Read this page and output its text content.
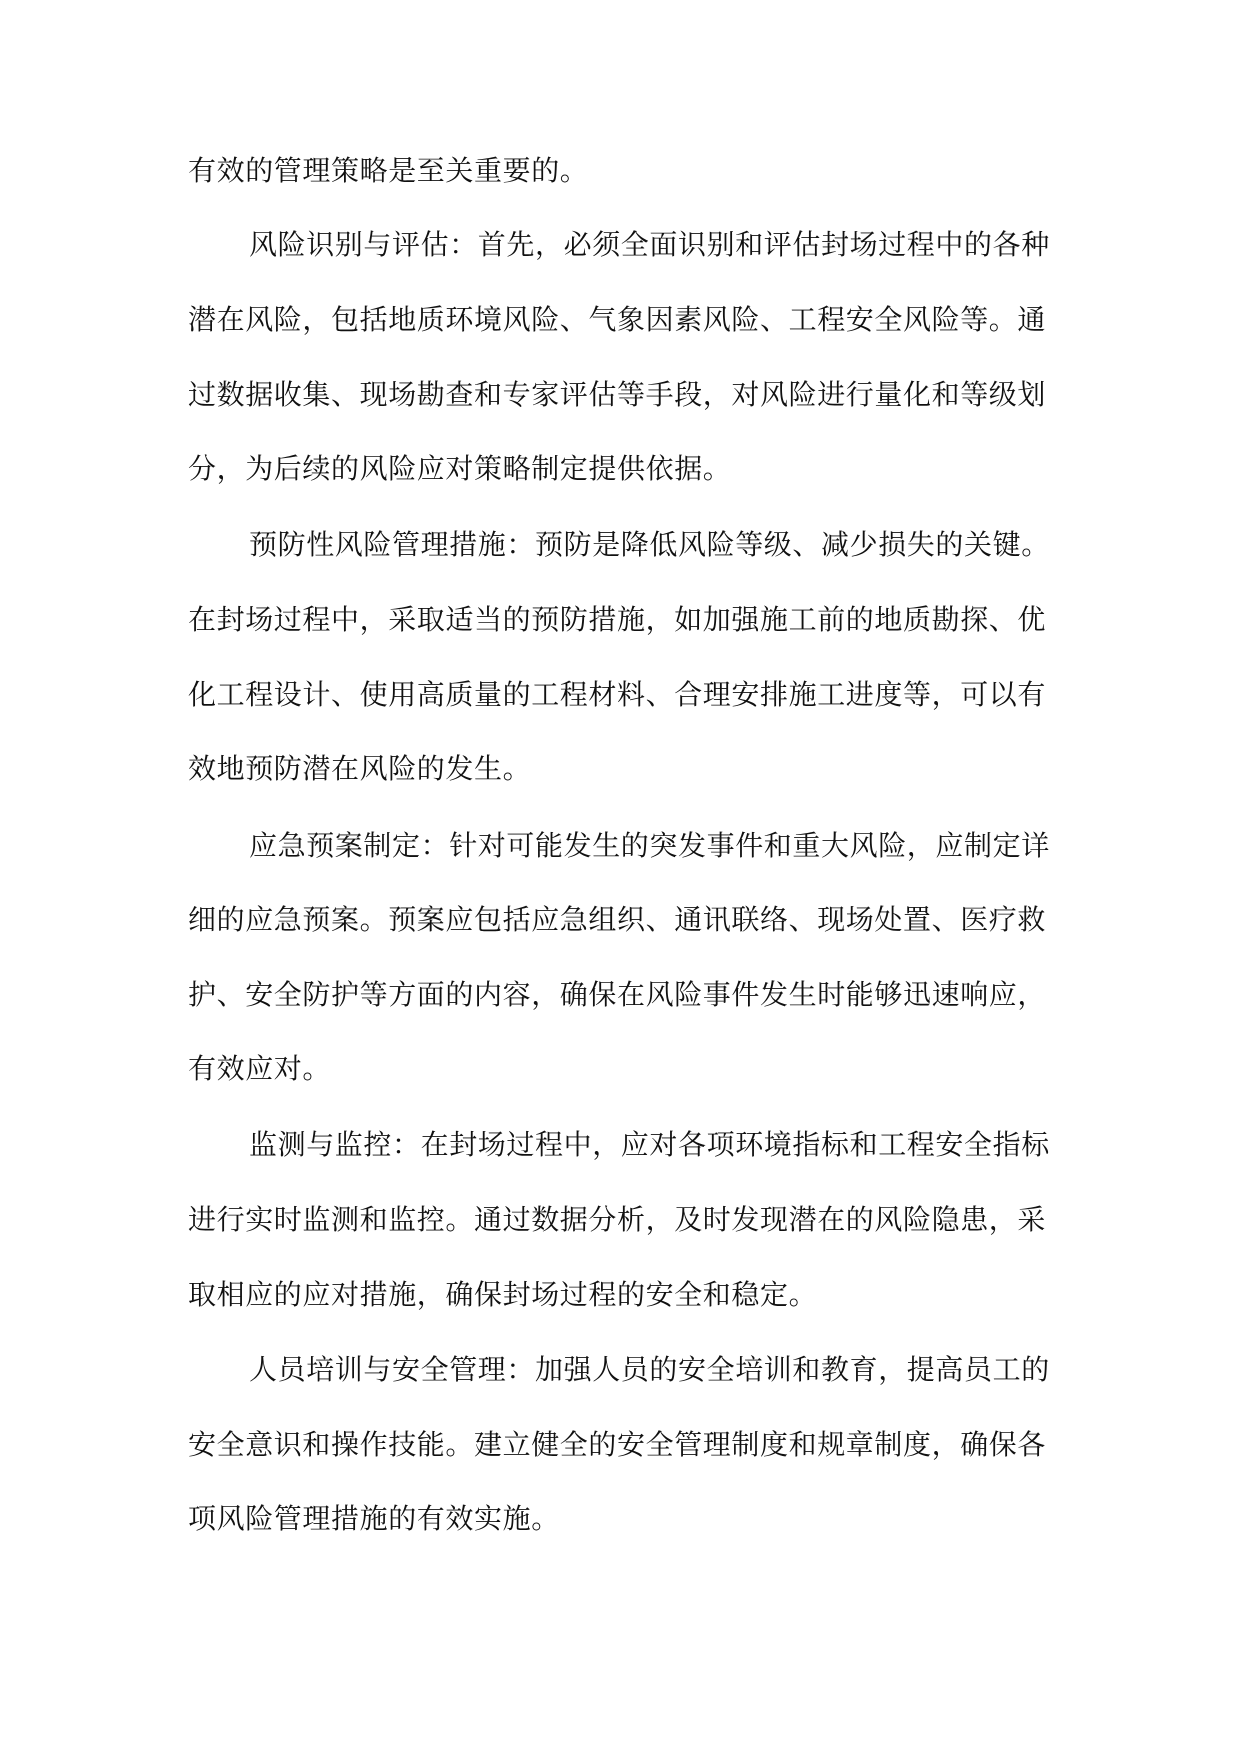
有效的管理策略是至关重要的。
风险识别与评估：首先，必须全面识别和评估封场过程中的各种
潜在风险，包括地质环境风险、气象因素风险、工程安全风险等。通
过数据收集、现场勘查和专家评估等手段，对风险进行量化和等级划
分，为后续的风险应对策略制定提供依据。
预防性风险管理措施：预防是降低风险等级、减少损失的关键。
在封场过程中，采取适当的预防措施，如加强施工前的地质勘探、优
化工程设计、使用高质量的工程材料、合理安排施工进度等，可以有
效地预防潜在风险的发生。
应急预案制定：针对可能发生的突发事件和重大风险，应制定详
细的应急预案。预案应包括应急组织、通讯联络、现场处置、医疗救
护、安全防护等方面的内容，确保在风险事件发生时能够迅速响应，
有效应对。
监测与监控：在封场过程中，应对各项环境指标和工程安全指标
进行实时监测和监控。通过数据分析，及时发现潜在的风险隐患，采
取相应的应对措施，确保封场过程的安全和稳定。
人员培训与安全管理：加强人员的安全培训和教育，提高员工的
安全意识和操作技能。建立健全的安全管理制度和规章制度，确保各
项风险管理措施的有效实施。
